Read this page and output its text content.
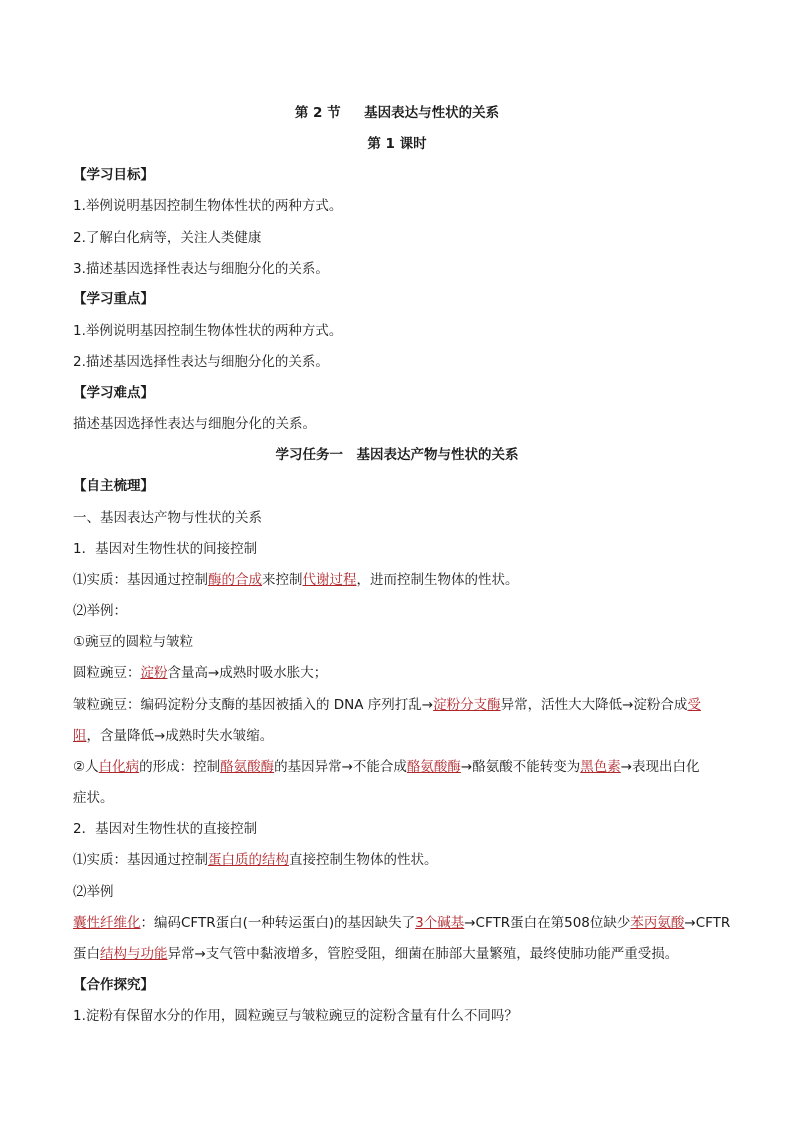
第 2 节 基因表达与性状的关系
第 1 课时
【学习目标】
1.举例说明基因控制生物体性状的两种方式。
2.了解白化病等，关注人类健康
3.描述基因选择性表达与细胞分化的关系。
【学习重点】
1.举例说明基因控制生物体性状的两种方式。
2.描述基因选择性表达与细胞分化的关系。
【学习难点】
描述基因选择性表达与细胞分化的关系。
学习任务一　基因表达产物与性状的关系
【自主梳理】
一、基因表达产物与性状的关系
1．基因对生物性状的间接控制
⑴实质：基因通过控制酶的合成来控制代谢过程，进而控制生物体的性状。
⑵举例：
①豌豆的圆粒与皱粒
圆粒豌豆：淀粉含量高→成熟时吸水胀大；
皱粒豌豆：编码淀粉分支酶的基因被插入的 DNA 序列打乱→淀粉分支酶异常，活性大大降低→淀粉合成受
阻，含量降低→成熟时失水皱缩。
②人白化病的形成：控制酪氨酸酶的基因异常→不能合成酪氨酸酶→酪氨酸不能转变为黑色素→表现出白化
症状。
2．基因对生物性状的直接控制
⑴实质：基因通过控制蛋白质的结构直接控制生物体的性状。
⑵举例
囊性纤维化：编码CFTR蛋白(一种转运蛋白)的基因缺失了3个碱基→CFTR蛋白在第508位缺少苯丙氨酸→CFTR
蛋白结构与功能异常→支气管中黏液增多，管腔受阻，细菌在肺部大量繁殖，最终使肺功能严重受损。
【合作探究】
1.淀粉有保留水分的作用，圆粒豌豆与皱粒豌豆的淀粉含量有什么不同吗？
